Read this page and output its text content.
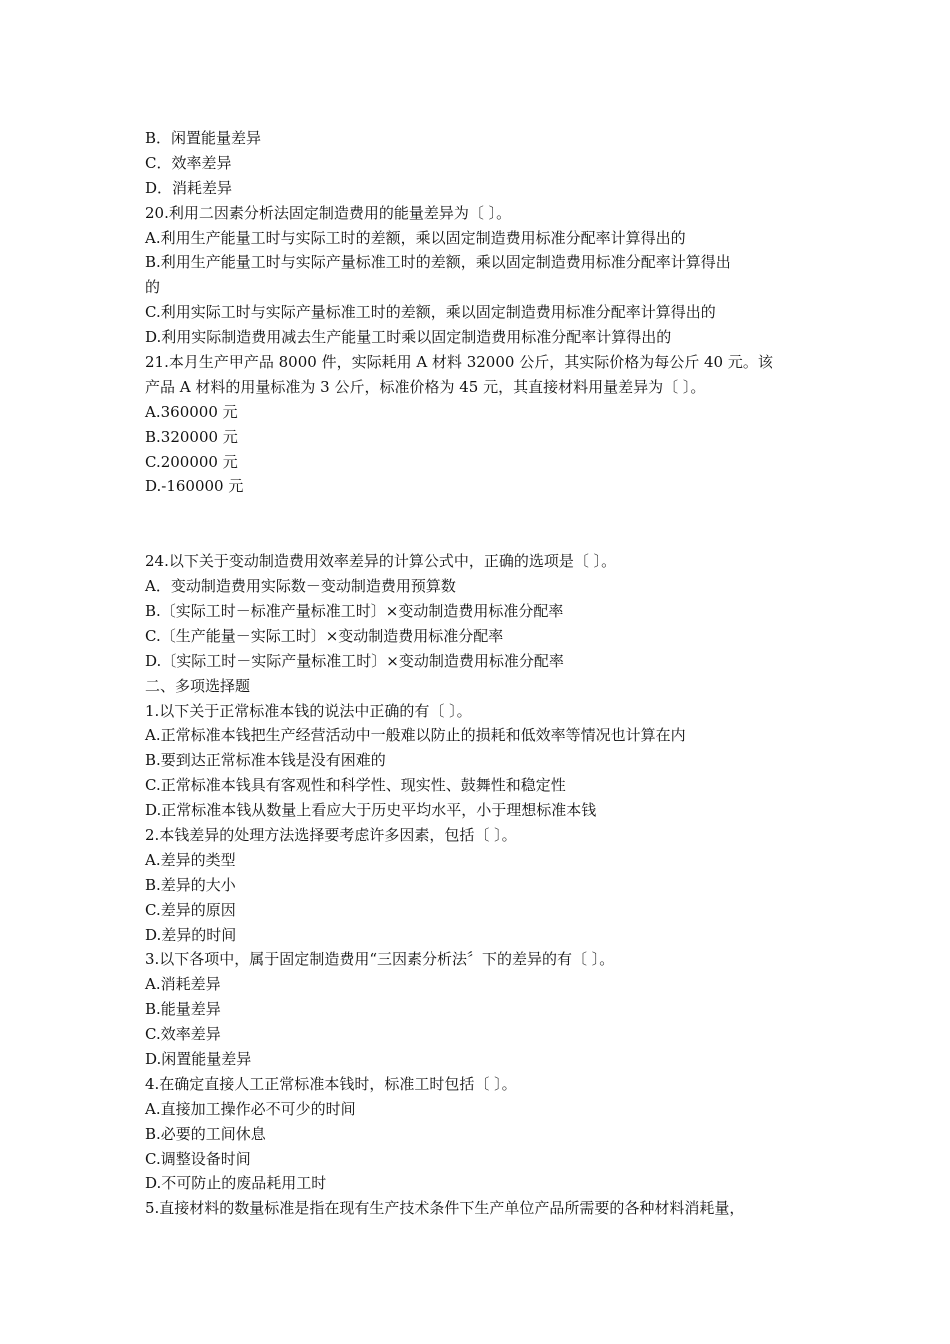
B．闲置能量差异

C．效率差异

D．消耗差异

20.利用二因素分析法固定制造费用的能量差异为〔 〕。

A.利用生产能量工时与实际工时的差额，乘以固定制造费用标准分配率计算得出的

B.利用生产能量工时与实际产量标准工时的差额，乘以固定制造费用标准分配率计算得出

的

C.利用实际工时与实际产量标准工时的差额，乘以固定制造费用标准分配率计算得出的

D.利用实际制造费用减去生产能量工时乘以固定制造费用标准分配率计算得出的

21.本月生产甲产品 8000 件，实际耗用 A 材料 32000 公斤，其实际价格为每公斤 40 元。该

产品 A 材料的用量标准为 3 公斤，标准价格为 45 元，其直接材料用量差异为〔 〕。

A.360000 元

B.320000 元

C.200000 元

D.-160000 元

24.以下关于变动制造费用效率差异的计算公式中，正确的选项是〔 〕。

A．变动制造费用实际数－变动制造费用预算数

B.〔实际工时－标准产量标准工时〕×变动制造费用标准分配率

C.〔生产能量－实际工时〕×变动制造费用标准分配率

D.〔实际工时－实际产量标准工时〕×变动制造费用标准分配率

二、多项选择题

1.以下关于正常标准本钱的说法中正确的有〔 〕。

A.正常标准本钱把生产经营活动中一般难以防止的损耗和低效率等情况也计算在内

B.要到达正常标准本钱是没有困难的

C.正常标准本钱具有客观性和科学性、现实性、鼓舞性和稳定性

D.正常标准本钱从数量上看应大于历史平均水平，小于理想标准本钱

2.本钱差异的处理方法选择要考虑许多因素，包括〔 〕。

A.差异的类型

B.差异的大小

C.差异的原因

D.差异的时间

3.以下各项中，属于固定制造费用“三因素分析法〞下的差异的有〔 〕。

A.消耗差异

B.能量差异

C.效率差异

D.闲置能量差异

4.在确定直接人工正常标准本钱时，标准工时包括〔 〕。

A.直接加工操作必不可少的时间

B.必要的工间休息

C.调整设备时间

D.不可防止的废品耗用工时

5.直接材料的数量标准是指在现有生产技术条件下生产单位产品所需要的各种材料消耗量，
